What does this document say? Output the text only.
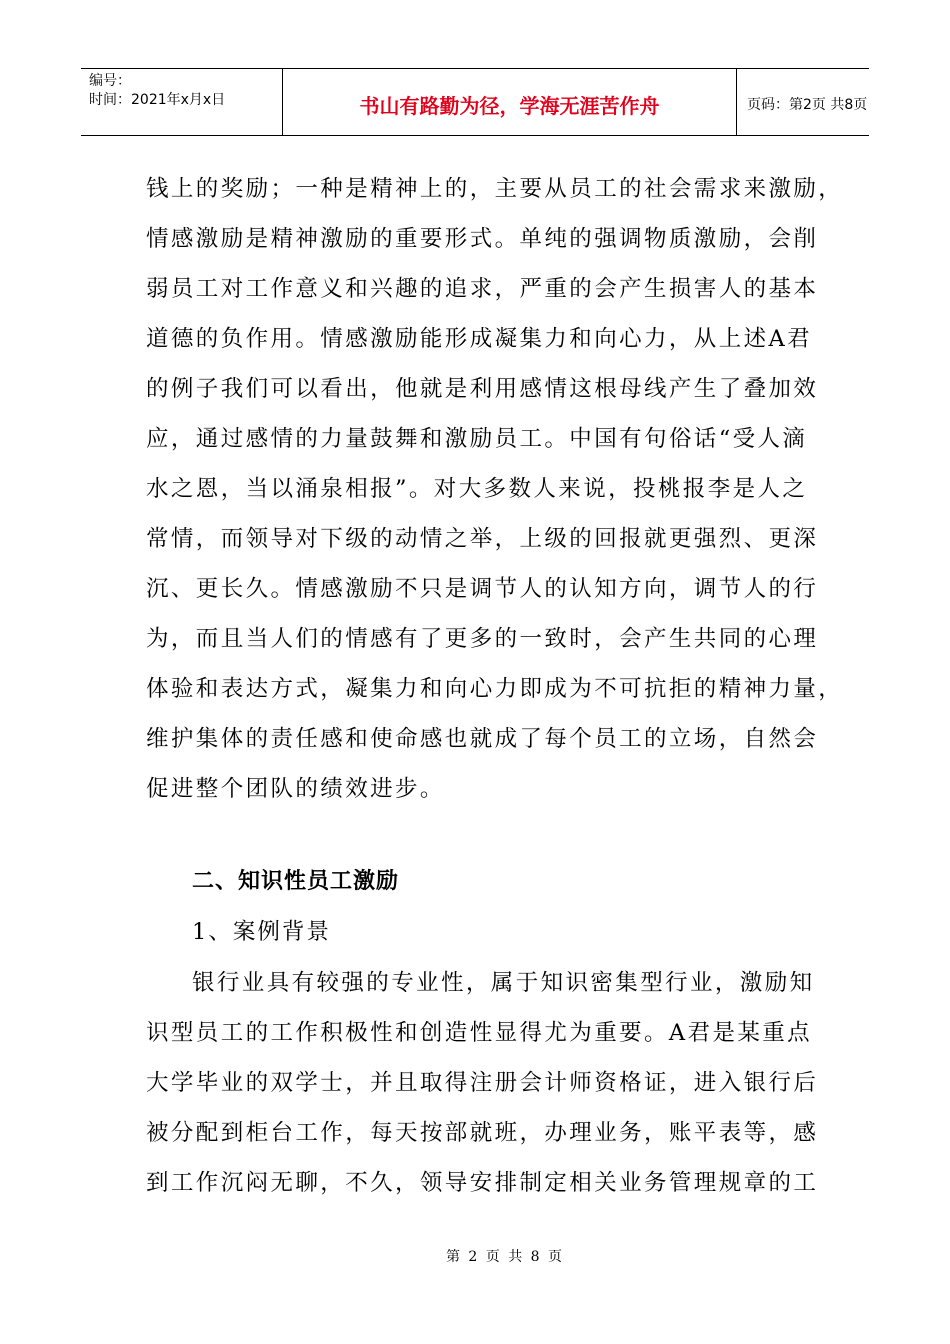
编号：
时间：2021年x月x日	书山有路勤为径，学海无涯苦作舟	页码：第2页 共8页
钱上的奖励；一种是精神上的，主要从员工的社会需求来激励，
情感激励是精神激励的重要形式。单纯的强调物质激励，会削
弱员工对工作意义和兴趣的追求，严重的会产生损害人的基本
道德的负作用。情感激励能形成凝集力和向心力，从上述A君
的例子我们可以看出，他就是利用感情这根母线产生了叠加效
应，通过感情的力量鼓舞和激励员工。中国有句俗话“受人滴
水之恩，当以涌泉相报”。对大多数人来说，投桃报李是人之
常情，而领导对下级的动情之举，上级的回报就更强烈、更深
沉、更长久。情感激励不只是调节人的认知方向，调节人的行
为，而且当人们的情感有了更多的一致时，会产生共同的心理
体验和表达方式，凝集力和向心力即成为不可抗拒的精神力量，
维护集体的责任感和使命感也就成了每个员工的立场，自然会
促进整个团队的绩效进步。
二、知识性员工激励
1、案例背景
银行业具有较强的专业性，属于知识密集型行业，激励知
识型员工的工作积极性和创造性显得尤为重要。A君是某重点
大学毕业的双学士，并且取得注册会计师资格证，进入银行后
被分配到柜台工作，每天按部就班，办理业务，账平表等，感
到工作沉闷无聊，不久，领导安排制定相关业务管理规章的工
第 2 页 共 8 页
